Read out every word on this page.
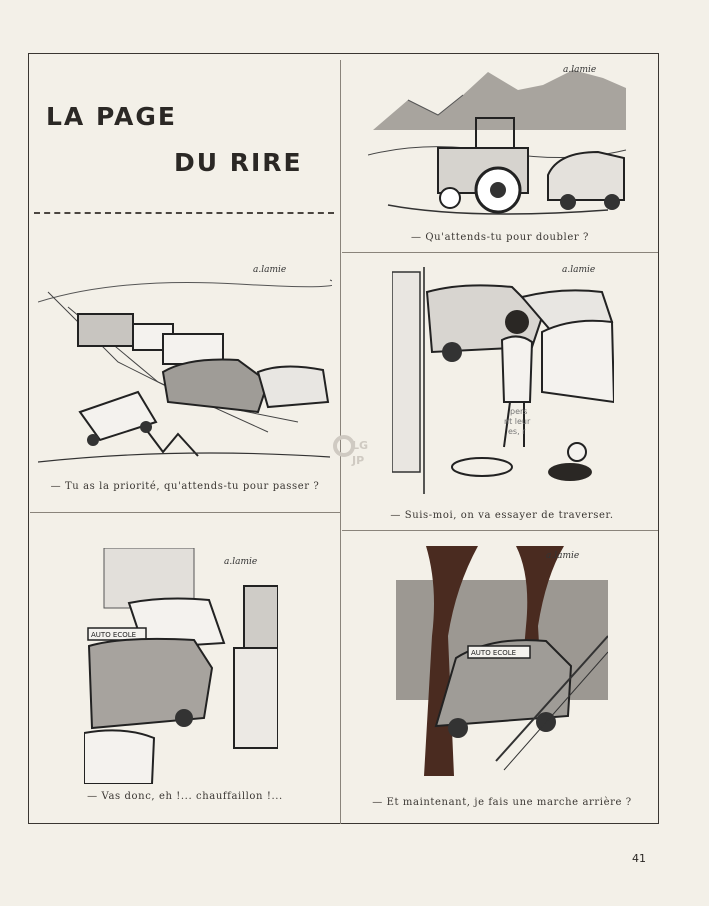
LA PAGE
DU RIRE
a.lamie
— Qu'attends-tu pour doubler ?
a.lamie
— Tu as la priorité, qu'attends-tu pour passer ?
pers
nt leur
es, r
a.lamie
— Suis-moi, on va essayer de traverser.
AUTO ECOLE
a.lamie
— Vas donc, eh !... chauffaillon !...
AUTO ECOLE
a.lamie
— Et maintenant, je fais une marche arrière ?
LG
JP
41
